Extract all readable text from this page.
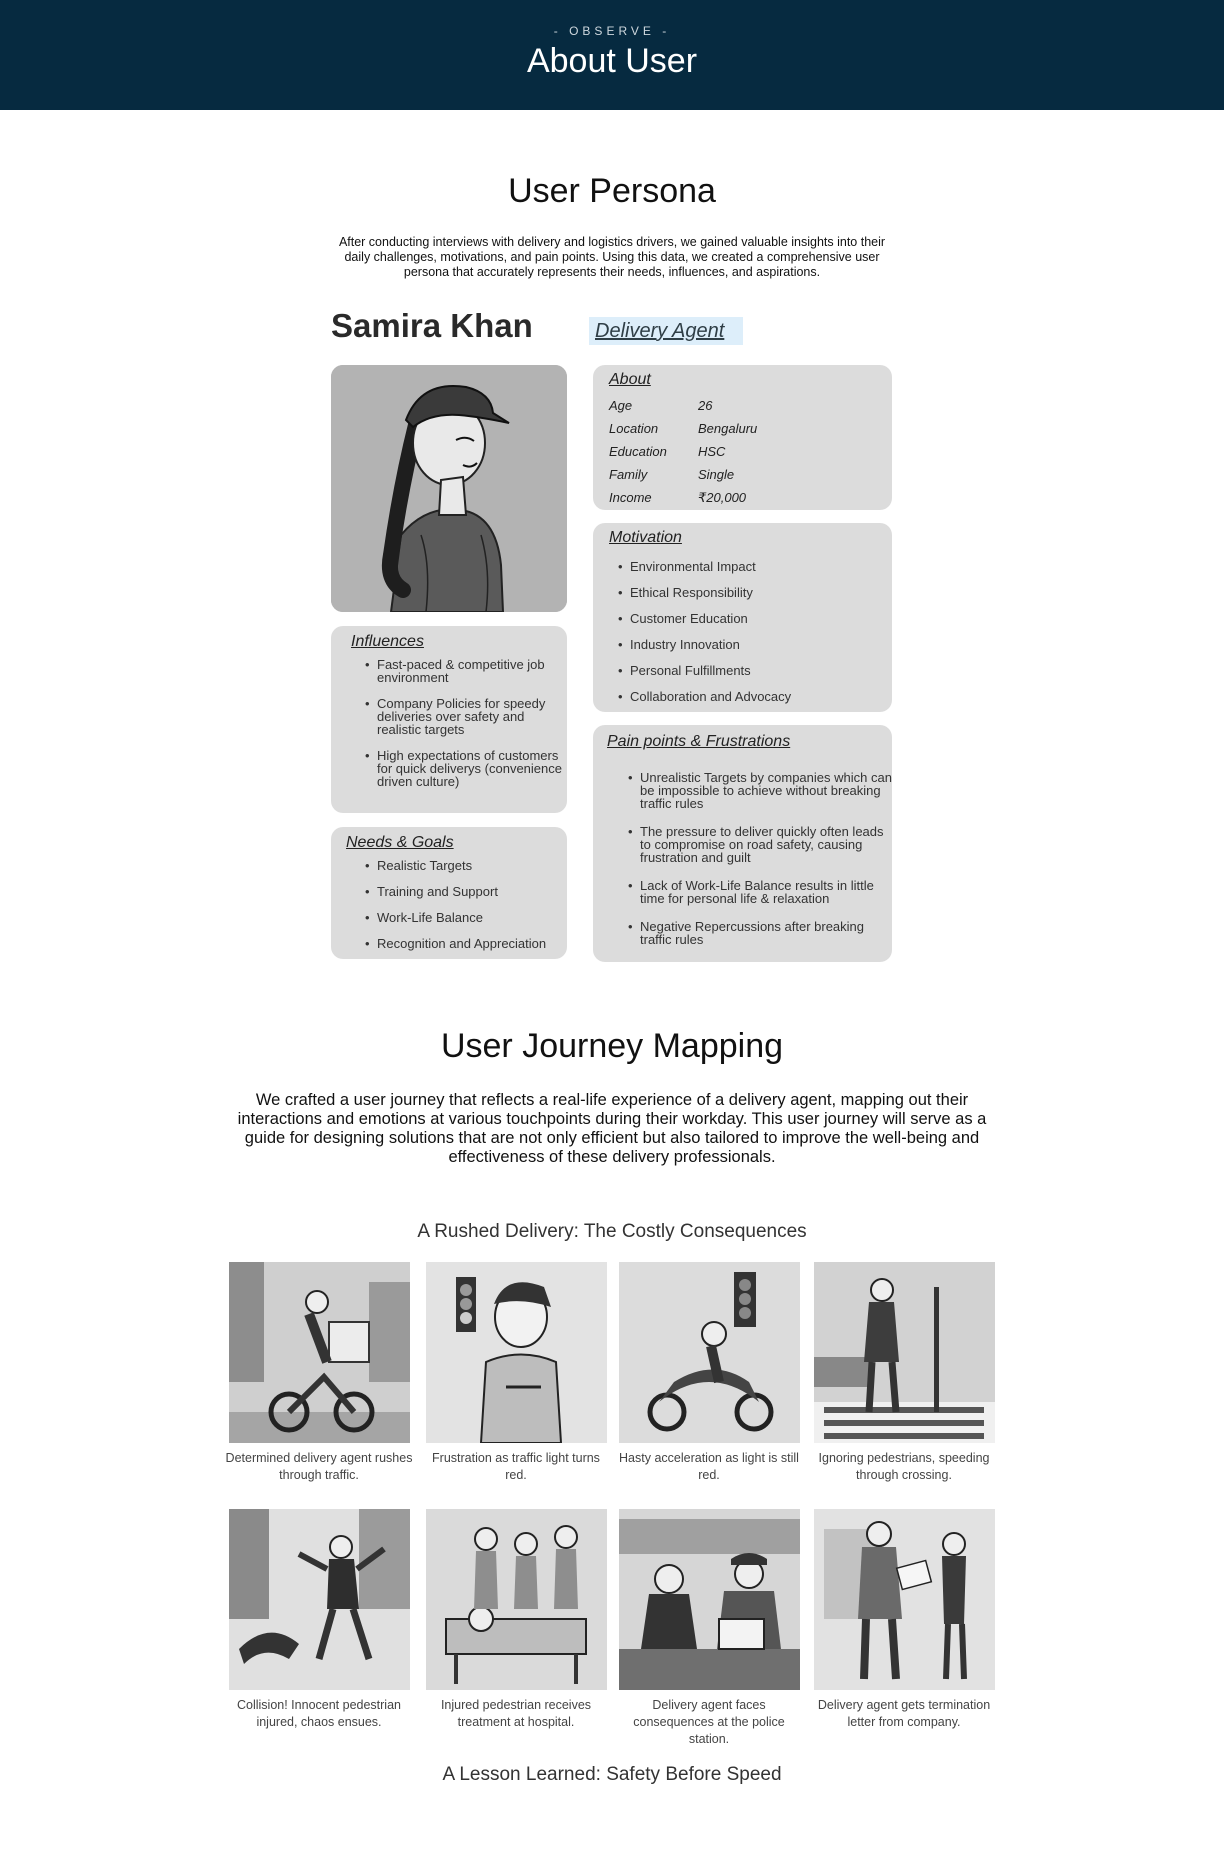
- OBSERVE -
About User
User Persona
After conducting interviews with delivery and logistics drivers, we gained valuable insights into their daily challenges, motivations, and pain points. Using this data, we created a comprehensive user persona that accurately represents their needs, influences, and aspirations.
Samira Khan	Delivery Agent
About
Age	26
Location	Bengaluru
Education HSC
Family	Single
Income	₹20,000
Motivation
• Environmental Impact
• Ethical Responsibility
• Customer Education
• Industry Innovation
• Personal Fulfillments
• Collaboration and Advocacy
Influences
• Fast-paced & competitive job environment
• Company Policies for speedy deliveries over safety and realistic targets
• High expectations of customers for quick deliverys (convenience driven culture)
Needs & Goals
• Realistic Targets
• Training and Support
• Work-Life Balance
• Recognition and Appreciation
Pain points & Frustrations
• Unrealistic Targets by companies which can be impossible to achieve without breaking traffic rules
• The pressure to deliver quickly often leads to compromise on road safety, causing frustration and guilt
• Lack of Work-Life Balance results in little time for personal life & relaxation
• Negative Repercussions after breaking traffic rules
User Journey Mapping
We crafted a user journey that reflects a real-life experience of a delivery agent, mapping out their interactions and emotions at various touchpoints during their workday. This user journey will serve as a guide for designing solutions that are not only efficient but also tailored to improve the well-being and effectiveness of these delivery professionals.
A Rushed Delivery: The Costly Consequences
Determined delivery agent rushes through traffic.
Frustration as traffic light turns red.
Hasty acceleration as light is still red.
Ignoring pedestrians, speeding through crossing.
Collision! Innocent pedestrian injured, chaos ensues.
Injured pedestrian receives treatment at hospital.
Delivery agent faces consequences at the police station.
Delivery agent gets termination letter from company.
A Lesson Learned: Safety Before Speed
